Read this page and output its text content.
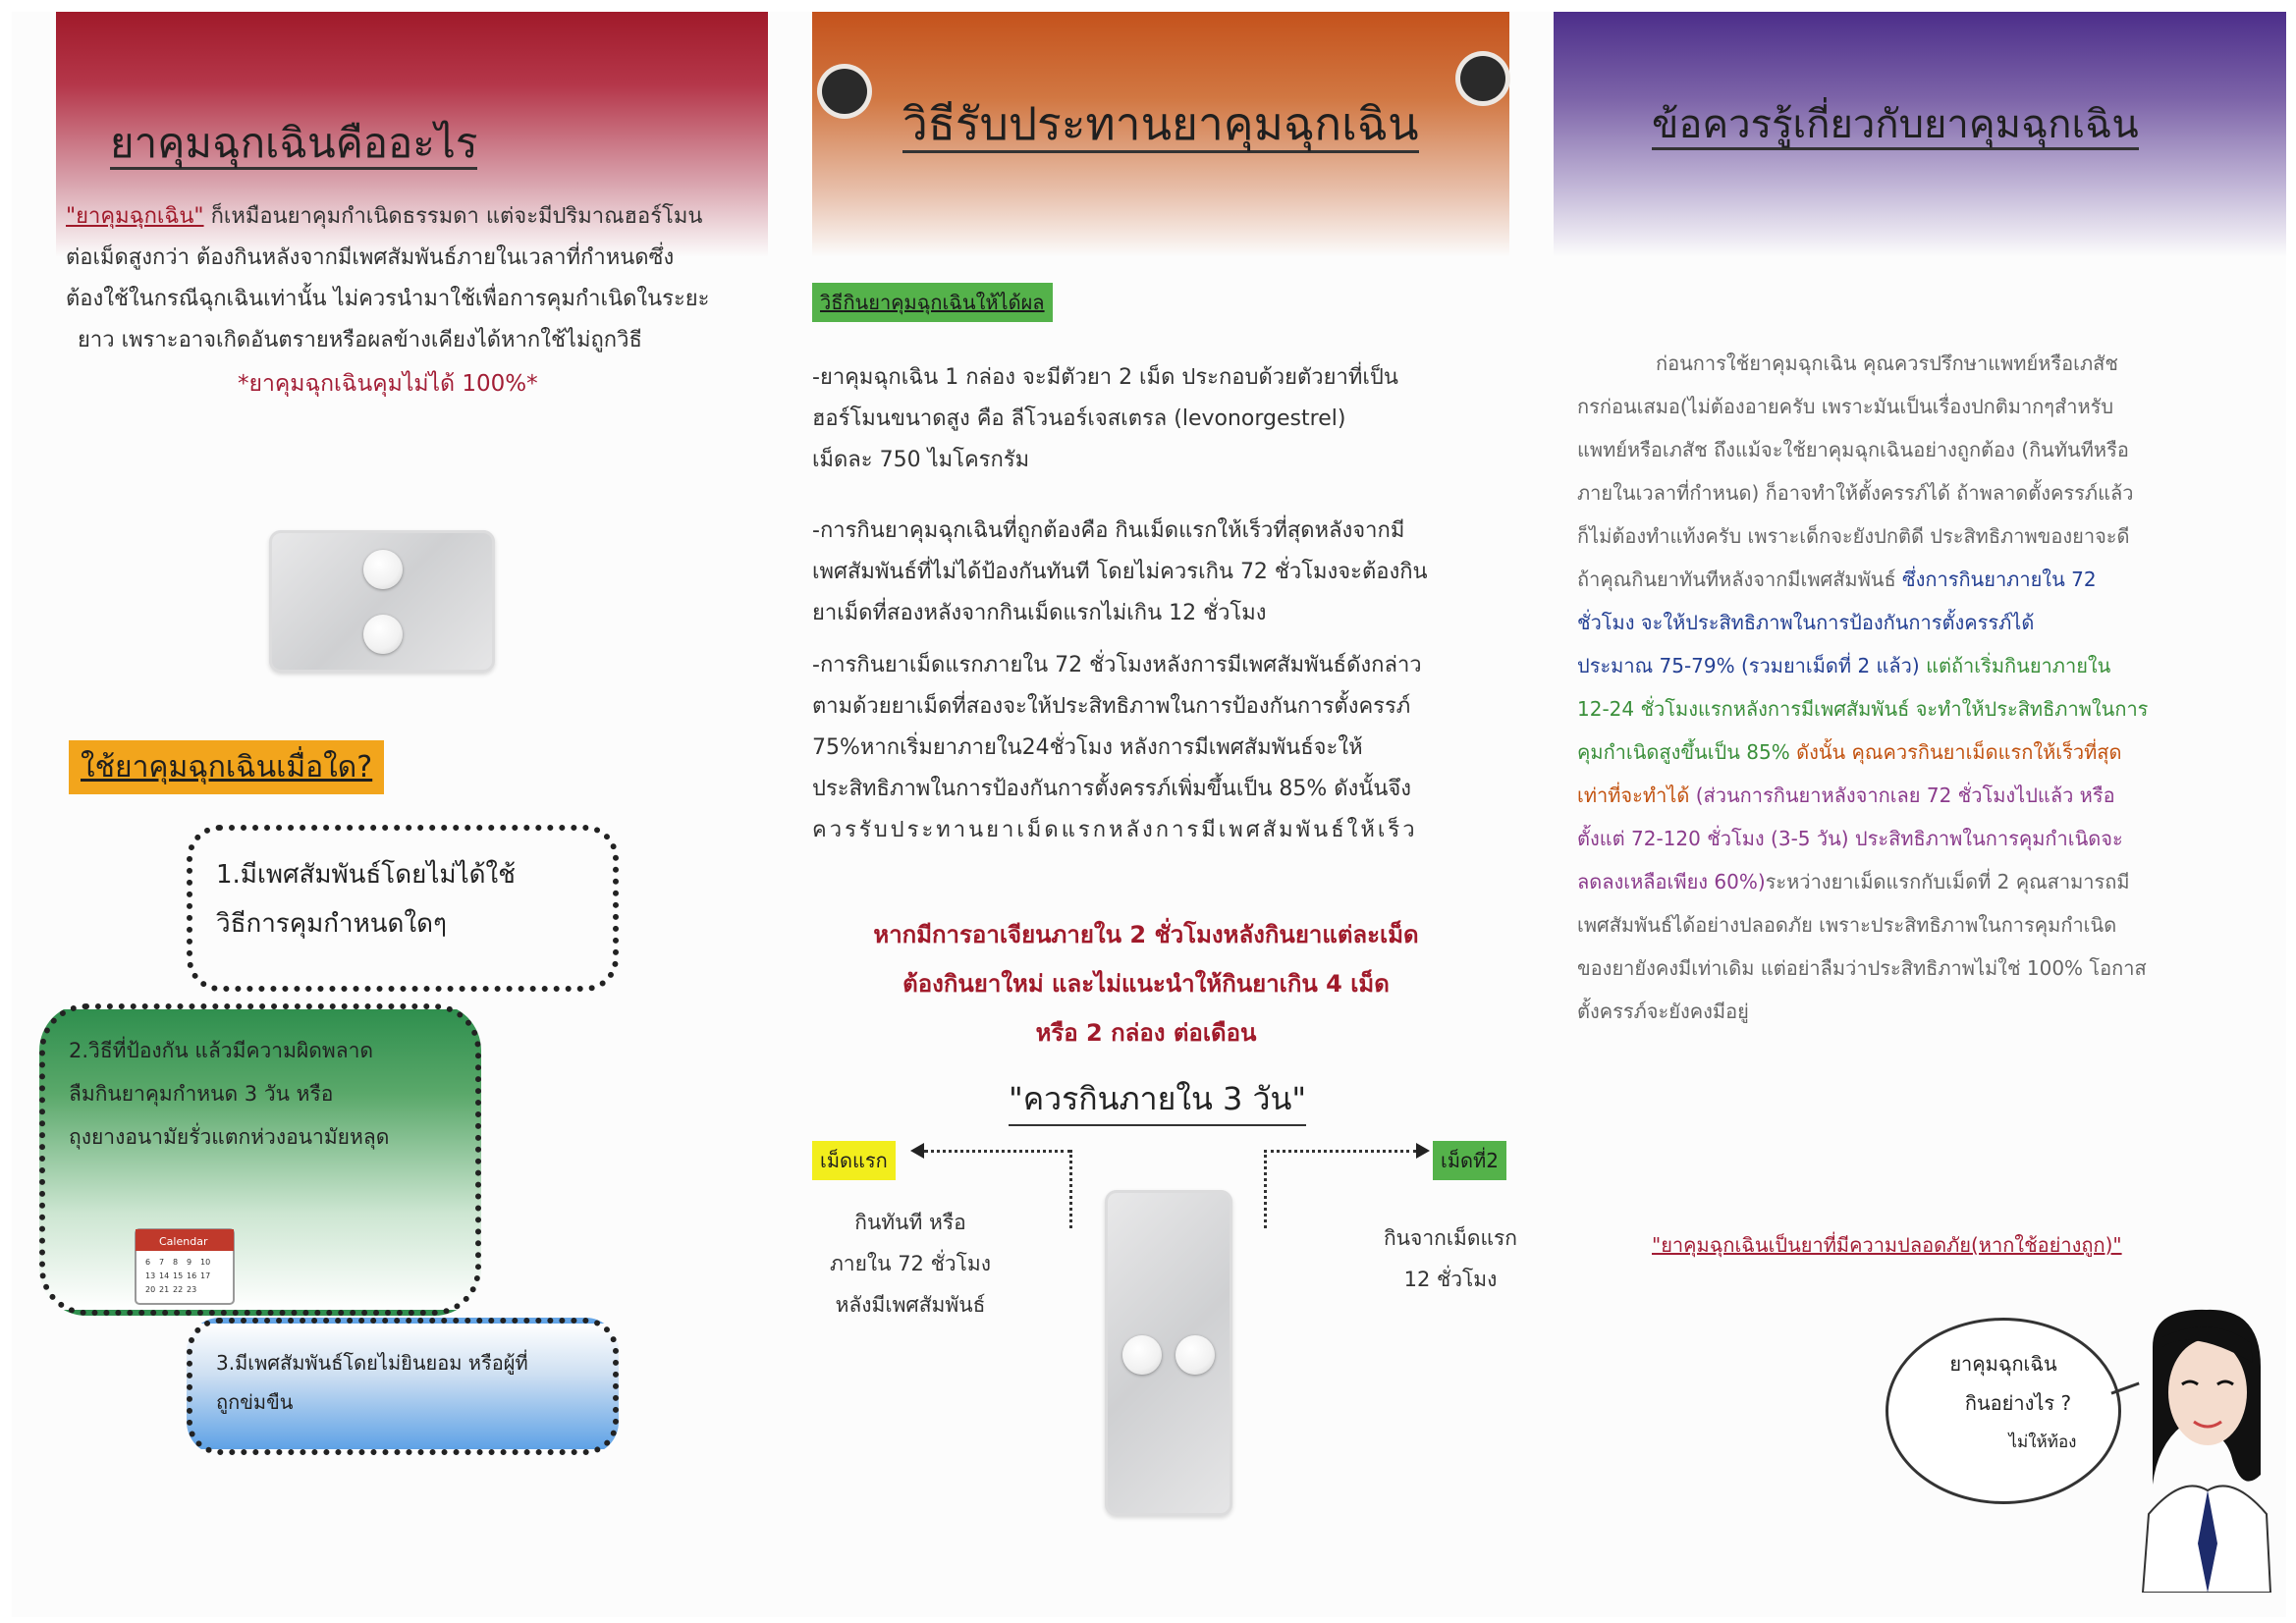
ยาคุมฉุกเฉินคืออะไร
"ยาคุมฉุกเฉิน" ก็เหมือนยาคุมกำเนิดธรรมดา แต่จะมีปริมาณฮอร์โมน
ต่อเม็ดสูงกว่า ต้องกินหลังจากมีเพศสัมพันธ์ภายในเวลาที่กำหนดซึ่ง
ต้องใช้ในกรณีฉุกเฉินเท่านั้น ไม่ควรนำมาใช้เพื่อการคุมกำเนิดในระยะ
ยาว เพราะอาจเกิดอันตรายหรือผลข้างเคียงได้หากใช้ไม่ถูกวิธี
*ยาคุมฉุกเฉินคุมไม่ได้ 100%*
ใช้ยาคุมฉุกเฉินเมื่อใด?
1.มีเพศสัมพันธ์โดยไม่ได้ใช้
วิธีการคุมกำหนดใดๆ
2.วิธีที่ป้องกัน แล้วมีความผิดพลาด
ลืมกินยาคุมกำหนด 3 วัน หรือ
ถุงยางอนามัยรั่วแตกห่วงอนามัยหลุด
Calendar
6 7 8 9 10
13 14 15 16 17
20 21 22 23
3.มีเพศสัมพันธ์โดยไม่ยินยอม หรือผู้ที่
ถูกข่มขืน
วิธีรับประทานยาคุมฉุกเฉิน
วิธีกินยาคุมฉุกเฉินให้ได้ผล
-ยาคุมฉุกเฉิน 1 กล่อง จะมีตัวยา 2 เม็ด ประกอบด้วยตัวยาที่เป็น
ฮอร์โมนขนาดสูง คือ ลีโวนอร์เจสเตรล (levonorgestrel)
เม็ดละ 750 ไมโครกรัม
-การกินยาคุมฉุกเฉินที่ถูกต้องคือ กินเม็ดแรกให้เร็วที่สุดหลังจากมี
เพศสัมพันธ์ที่ไม่ได้ป้องกันทันที โดยไม่ควรเกิน 72 ชั่วโมงจะต้องกิน
ยาเม็ดที่สองหลังจากกินเม็ดแรกไม่เกิน 12 ชั่วโมง
-การกินยาเม็ดแรกภายใน 72 ชั่วโมงหลังการมีเพศสัมพันธ์ดังกล่าว
ตามด้วยยาเม็ดที่สองจะให้ประสิทธิภาพในการป้องกันการตั้งครรภ์
75%หากเริ่มยาภายใน24ชั่วโมง หลังการมีเพศสัมพันธ์จะให้
ประสิทธิภาพในการป้องกันการตั้งครรภ์เพิ่มขึ้นเป็น 85% ดังนั้นจึง
ควรรับประทานยาเม็ดแรกหลังการมีเพศสัมพันธ์ให้เร็ว
หากมีการอาเจียนภายใน 2 ชั่วโมงหลังกินยาแต่ละเม็ด
ต้องกินยาใหม่ และไม่แนะนำให้กินยาเกิน 4 เม็ด
หรือ 2 กล่อง ต่อเดือน
"ควรกินภายใน 3 วัน"
เม็ดแรก
กินทันที หรือ
ภายใน 72 ชั่วโมง
หลังมีเพศสัมพันธ์
เม็ดที่2
กินจากเม็ดแรก
12 ชั่วโมง
ข้อควรรู้เกี่ยวกับยาคุมฉุกเฉิน
ก่อนการใช้ยาคุมฉุกเฉิน คุณควรปรึกษาแพทย์หรือเภสัช
กรก่อนเสมอ(ไม่ต้องอายครับ เพราะมันเป็นเรื่องปกติมากๆสำหรับ
แพทย์หรือเภสัช ถึงแม้จะใช้ยาคุมฉุกเฉินอย่างถูกต้อง (กินทันทีหรือ
ภายในเวลาที่กำหนด) ก็อาจทำให้ตั้งครรภ์ได้ ถ้าพลาดตั้งครรภ์แล้ว
ก็ไม่ต้องทำแท้งครับ เพราะเด็กจะยังปกติดี ประสิทธิภาพของยาจะดี
ถ้าคุณกินยาทันทีหลังจากมีเพศสัมพันธ์ ซึ่งการกินยาภายใน 72
ชั่วโมง จะให้ประสิทธิภาพในการป้องกันการตั้งครรภ์ได้
ประมาณ 75-79% (รวมยาเม็ดที่ 2 แล้ว) แต่ถ้าเริ่มกินยาภายใน
12-24 ชั่วโมงแรกหลังการมีเพศสัมพันธ์ จะทำให้ประสิทธิภาพในการ
คุมกำเนิดสูงขึ้นเป็น 85% ดังนั้น คุณควรกินยาเม็ดแรกให้เร็วที่สุด
เท่าที่จะทำได้ (ส่วนการกินยาหลังจากเลย 72 ชั่วโมงไปแล้ว หรือ
ตั้งแต่ 72-120 ชั่วโมง (3-5 วัน) ประสิทธิภาพในการคุมกำเนิดจะ
ลดลงเหลือเพียง 60%)ระหว่างยาเม็ดแรกกับเม็ดที่ 2 คุณสามารถมี
เพศสัมพันธ์ได้อย่างปลอดภัย เพราะประสิทธิภาพในการคุมกำเนิด
ของยายังคงมีเท่าเดิม แต่อย่าลืมว่าประสิทธิภาพไม่ใช่ 100% โอกาส
ตั้งครรภ์จะยังคงมีอยู่
"ยาคุมฉุกเฉินเป็นยาที่มีความปลอดภัย(หากใช้อย่างถูก)"
ยาคุมฉุกเฉิน
กินอย่างไร ?
ไม่ให้ท้อง
